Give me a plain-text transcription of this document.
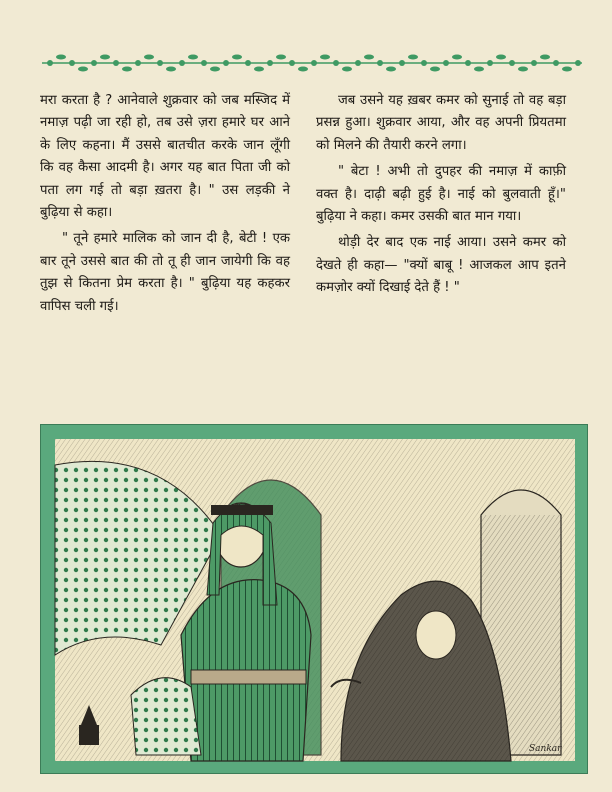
मरा करता है ? आनेवाले शुक्रवार को जब मस्जिद में नमाज़ पढ़ी जा रही हो, तब उसे ज़रा हमारे घर आने के लिए कहना। मैं उससे बातचीत करके जान लूँगी कि वह कैसा आदमी है। अगर यह बात पिता जी को पता लग गई तो बड़ा ख़तरा है। " उस लड़की ने बुढ़िया से कहा।

" तूने हमारे मालिक को जान दी है, बेटी ! एक बार तूने उससे बात की तो तू ही जान जायेगी कि वह तुझ से कितना प्रेम करता है। " बुढ़िया यह कहकर वापिस चली गई।

जब उसने यह ख़बर कमर को सुनाई तो वह बड़ा प्रसन्न हुआ। शुक्रवार आया, और वह अपनी प्रियतमा को मिलने की तैयारी करने लगा।

" बेटा ! अभी तो दुपहर की नमाज़ में काफ़ी वक्त है। दाढ़ी बढ़ी हुई है। नाई को बुलवाती हूँ।" बुढ़िया ने कहा। कमर उसकी बात मान गया।

थोड़ी देर बाद एक नाई आया। उसने कमर को देखते ही कहा— "क्यों बाबू ! आजकल आप इतने कमज़ोर क्यों दिखाई देते हैं ! "

Sankar
